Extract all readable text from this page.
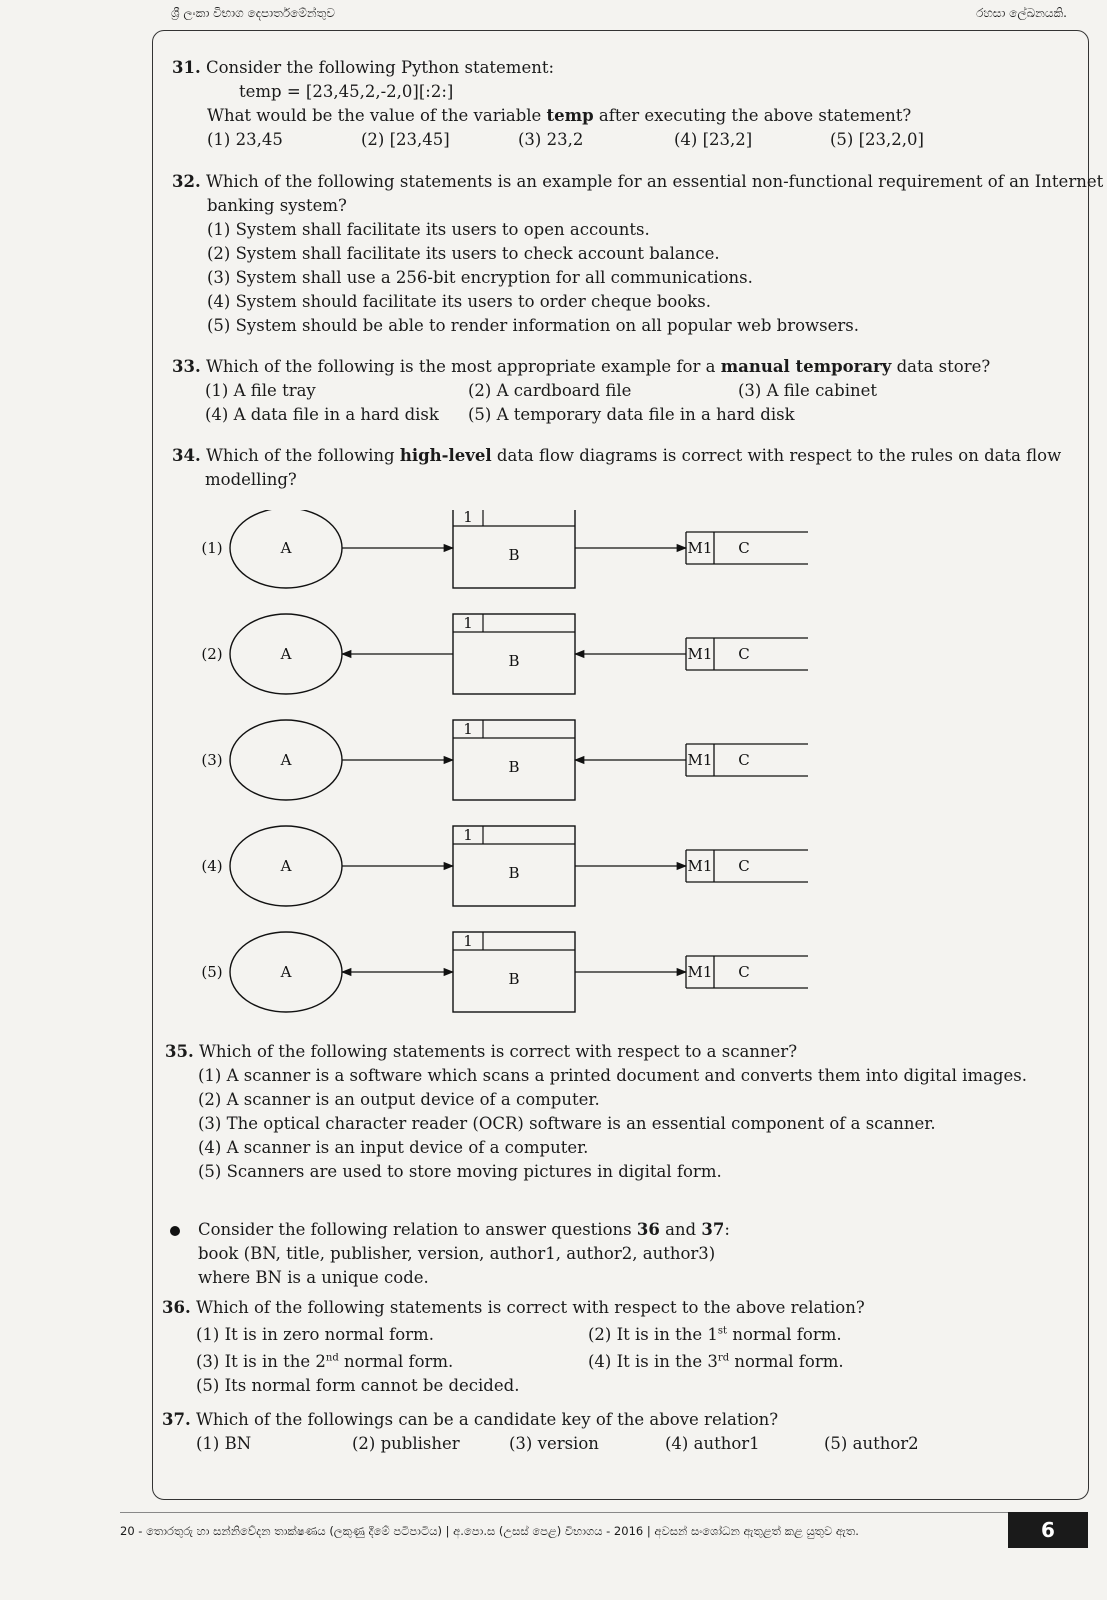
ශ්‍රී ලංකා විභාග දෙපාර්තමේන්තුව	රහසා ලේඛනයකි.
31. Consider the following Python statement:
temp = [23,45,2,-2,0][:2:]
What would be the value of the variable temp after executing the above statement?
(1) 23,45	(2) [23,45]	(3) 23,2	(4) [23,2]	(5) [23,2,0]
32. Which of the following statements is an example for an essential non-functional requirement of an Internet
banking system?
(1) System shall facilitate its users to open accounts.
(2) System shall facilitate its users to check account balance.
(3) System shall use a 256-bit encryption for all communications.
(4) System should facilitate its users to order cheque books.
(5) System should be able to render information on all popular web browsers.
33. Which of the following is the most appropriate example for a manual temporary data store?
(1) A file tray	(2) A cardboard file	(3) A file cabinet
(4) A data file in a hard disk (5) A temporary data file in a hard disk
34. Which of the following high-level data flow diagrams is correct with respect to the rules on data flow
modelling?
(1)	A
1
B	M1 C
(2)	A
1
B	M1 C
(3)	A
1
B	M1 C
(4)	A
1
B	M1 C
(5)	A
1
B	M1 C
35. Which of the following statements is correct with respect to a scanner?
(1) A scanner is a software which scans a printed document and converts them into digital images.
(2) A scanner is an output device of a computer.
(3) The optical character reader (OCR) software is an essential component of a scanner.
(4) A scanner is an input device of a computer.
(5) Scanners are used to store moving pictures in digital form.
Consider the following relation to answer questions 36 and 37:
book (BN, title, publisher, version, author1, author2, author3)
where BN is a unique code.
36. Which of the following statements is correct with respect to the above relation?
(1) It is in zero normal form.	(2) It is in the 1st normal form.
(3) It is in the 2nd normal form.	(4) It is in the 3rd normal form.
(5) Its normal form cannot be decided.
37. Which of the followings can be a candidate key of the above relation?
(1) BN	(2) publisher	(3) version	(4) author1	(5) author2
20 - තොරතුරු හා සන්නිවේදන තාක්ෂණය (ලකුණු දීමේ පටිපාටිය) | අ.පො.ස (උසස් පෙළ) විභාගය - 2016 | අවසන් සංශෝධන ඇතුළත් කළ යුතුව ඇත.	6
